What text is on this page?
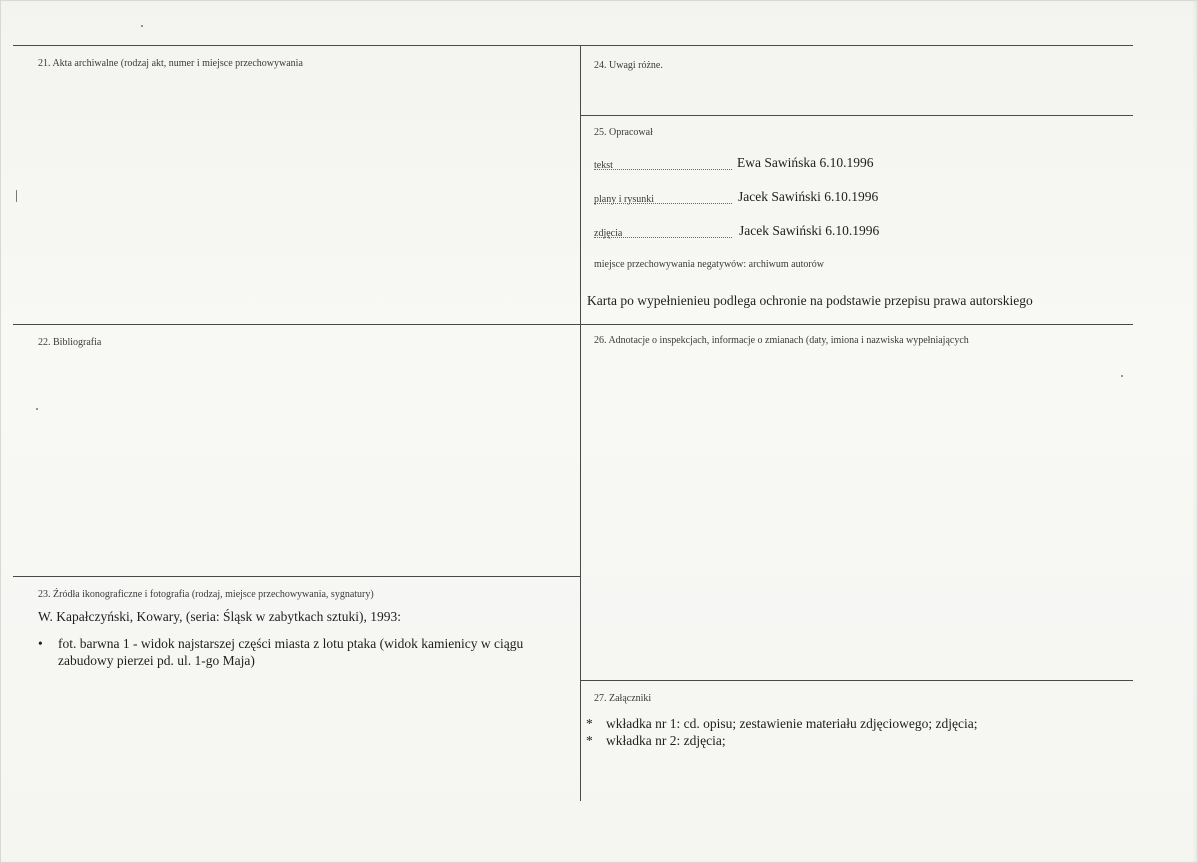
21. Akta archiwalne (rodzaj akt, numer i miejsce przechowywania	24. Uwagi różne.
25. Opracował
tekst	Ewa Sawińska 6.10.1996
plany i rysunki	Jacek Sawiński 6.10.1996
zdjęcia	Jacek Sawiński 6.10.1996
miejsce przechowywania negatywów: archiwum autorów
Karta po wypełnienieu podlega ochronie na podstawie przepisu prawa autorskiego
22. Bibliografia	26. Adnotacje o inspekcjach, informacje o zmianach (daty, imiona i nazwiska wypełniających
23. Źródła ikonograficzne i fotografia (rodzaj, miejsce przechowywania, sygnatury)
W. Kapałczyński, Kowary, (seria: Śląsk w zabytkach sztuki), 1993:
•	fot. barwna 1 - widok najstarszej części miasta z lotu ptaka (widok kamienicy w ciągu
zabudowy pierzei pd. ul. 1-go Maja)
27. Załączniki
* wkładka nr 1: cd. opisu; zestawienie materiału zdjęciowego; zdjęcia;
* wkładka nr 2: zdjęcia;
